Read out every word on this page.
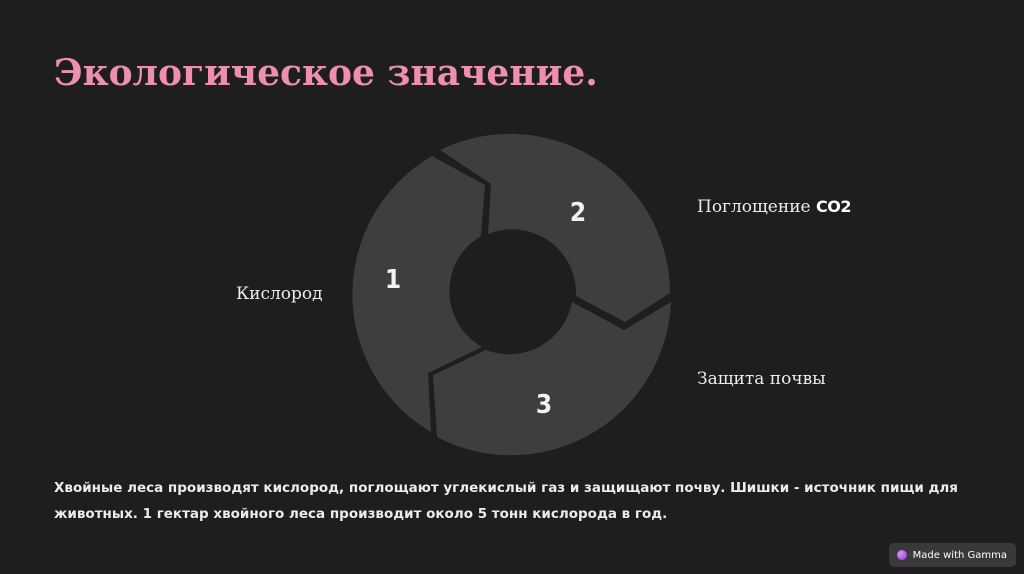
Экологическое значение.
1
2
3
Кислород
Поглощение CO2
Защита почвы

Хвойные леса производят кислород, поглощают углекислый газ и защищают почву. Шишки - источник пищи для животных. 1 гектар хвойного леса производит около 5 тонн кислорода в год.

Made with Gamma
